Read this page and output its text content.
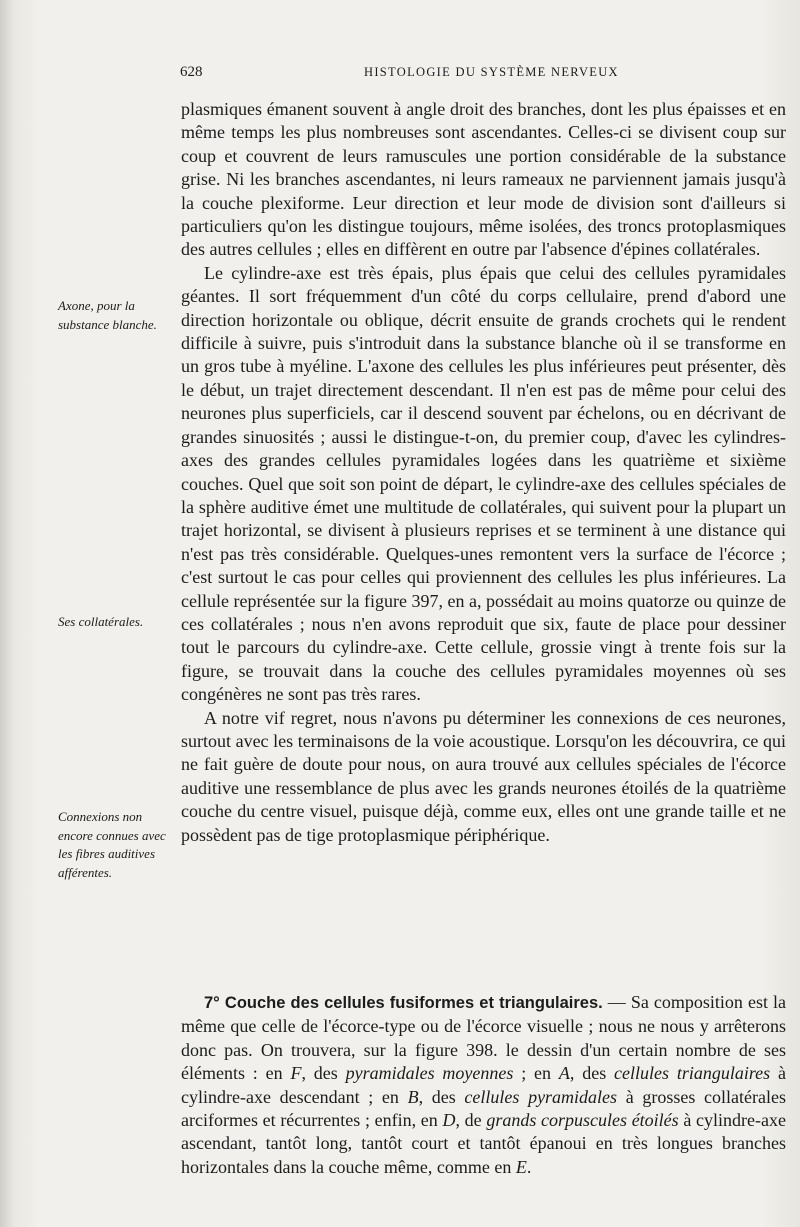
628	HISTOLOGIE DU SYSTÈME NERVEUX
Axone, pour la substance blanche.
Ses collatérales.
Connexions non encore connues avec les fibres auditives afférentes.

plasmiques émanent souvent à angle droit des branches, dont les plus épaisses et en même temps les plus nombreuses sont ascendantes. Celles-ci se divisent coup sur coup et couvrent de leurs ramuscules une portion considérable de la substance grise. Ni les branches ascendantes, ni leurs rameaux ne parviennent jamais jusqu'à la couche plexiforme. Leur direction et leur mode de division sont d'ailleurs si particuliers qu'on les distingue toujours, même isolées, des troncs protoplasmiques des autres cellules ; elles en diffèrent en outre par l'absence d'épines collatérales.

Le cylindre-axe est très épais, plus épais que celui des cellules pyramidales géantes. Il sort fréquemment d'un côté du corps cellulaire, prend d'abord une direction horizontale ou oblique, décrit ensuite de grands crochets qui le rendent difficile à suivre, puis s'introduit dans la substance blanche où il se transforme en un gros tube à myéline. L'axone des cellules les plus inférieures peut présenter, dès le début, un trajet directement descendant. Il n'en est pas de même pour celui des neurones plus superficiels, car il descend souvent par échelons, ou en décrivant de grandes sinuosités ; aussi le distingue-t-on, du premier coup, d'avec les cylindres-axes des grandes cellules pyramidales logées dans les quatrième et sixième couches. Quel que soit son point de départ, le cylindre-axe des cellules spéciales de la sphère auditive émet une multitude de collatérales, qui suivent pour la plupart un trajet horizontal, se divisent à plusieurs reprises et se terminent à une distance qui n'est pas très considérable. Quelques-unes remontent vers la surface de l'écorce ; c'est surtout le cas pour celles qui proviennent des cellules les plus inférieures. La cellule représentée sur la figure 397, en a, possédait au moins quatorze ou quinze de ces collatérales ; nous n'en avons reproduit que six, faute de place pour dessiner tout le parcours du cylindre-axe. Cette cellule, grossie vingt à trente fois sur la figure, se trouvait dans la couche des cellules pyramidales moyennes où ses congénères ne sont pas très rares.

A notre vif regret, nous n'avons pu déterminer les connexions de ces neurones, surtout avec les terminaisons de la voie acoustique. Lorsqu'on les découvrira, ce qui ne fait guère de doute pour nous, on aura trouvé aux cellules spéciales de l'écorce auditive une ressemblance de plus avec les grands neurones étoilés de la quatrième couche du centre visuel, puisque déjà, comme eux, elles ont une grande taille et ne possèdent pas de tige protoplasmique périphérique.

7° Couche des cellules fusiformes et triangulaires. — Sa composition est la même que celle de l'écorce-type ou de l'écorce visuelle ; nous ne nous y arrêterons donc pas. On trouvera, sur la figure 398. le dessin d'un certain nombre de ses éléments : en F, des pyramidales moyennes ; en A, des cellules triangulaires à cylindre-axe descendant ; en B, des cellules pyramidales à grosses collatérales arciformes et récurrentes ; enfin, en D, de grands corpuscules étoilés à cylindre-axe ascendant, tantôt long, tantôt court et tantôt épanoui en très longues branches horizontales dans la couche même, comme en E.
